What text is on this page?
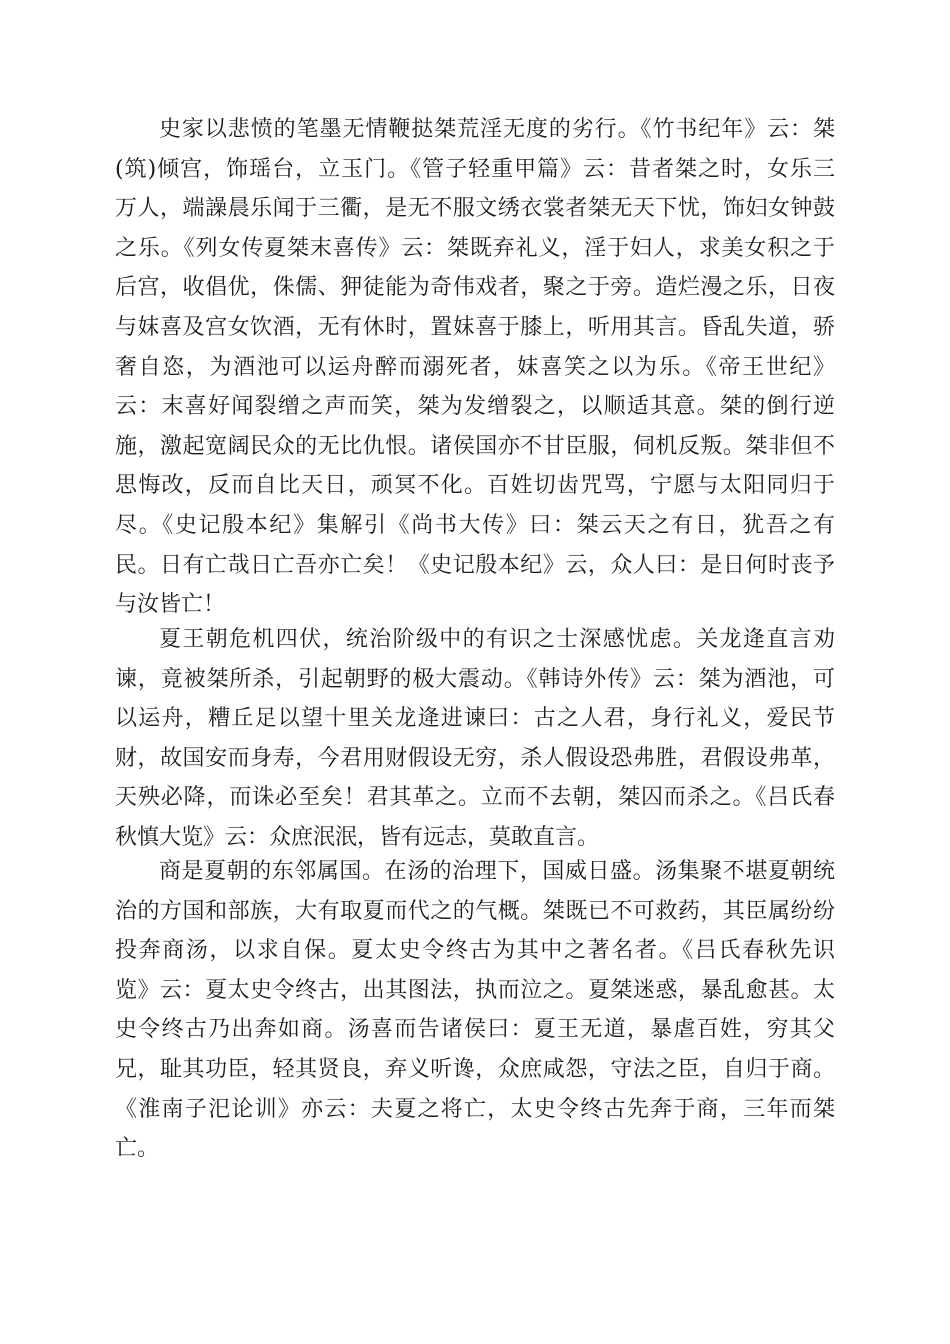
史家以悲愤的笔墨无情鞭挞桀荒淫无度的劣行。《竹书纪年》云：桀
(筑)倾宫，饰瑶台，立玉门。《管子轻重甲篇》云：昔者桀之时，女乐三
万人，端譟晨乐闻于三衢，是无不服文绣衣裳者桀无天下忧，饰妇女钟鼓
之乐。《列女传夏桀末喜传》云：桀既弃礼义，淫于妇人，求美女积之于
后宫，收倡优，侏儒、狎徒能为奇伟戏者，聚之于旁。造烂漫之乐，日夜
与妺喜及宫女饮酒，无有休时，置妺喜于膝上，听用其言。昏乱失道，骄
奢自恣，为酒池可以运舟醉而溺死者，妺喜笑之以为乐。《帝王世纪》
云：末喜好闻裂缯之声而笑，桀为发缯裂之，以顺适其意。桀的倒行逆
施，激起宽阔民众的无比仇恨。诸侯国亦不甘臣服，伺机反叛。桀非但不
思悔改，反而自比天日，顽冥不化。百姓切齿咒骂，宁愿与太阳同归于
尽。《史记殷本纪》集解引《尚书大传》曰：桀云天之有日，犹吾之有
民。日有亡哉日亡吾亦亡矣！《史记殷本纪》云，众人曰：是日何时丧予
与汝皆亡！
夏王朝危机四伏，统治阶级中的有识之士深感忧虑。关龙逄直言劝
谏，竟被桀所杀，引起朝野的极大震动。《韩诗外传》云：桀为酒池，可
以运舟，糟丘足以望十里关龙逄进谏曰：古之人君，身行礼义，爱民节
财，故国安而身寿，今君用财假设无穷，杀人假设恐弗胜，君假设弗革，
天殃必降，而诛必至矣！君其革之。立而不去朝，桀囚而杀之。《吕氏春
秋慎大览》云：众庶泯泯，皆有远志，莫敢直言。
商是夏朝的东邻属国。在汤的治理下，国威日盛。汤集聚不堪夏朝统
治的方国和部族，大有取夏而代之的气概。桀既已不可救药，其臣属纷纷
投奔商汤，以求自保。夏太史令终古为其中之著名者。《吕氏春秋先识
览》云：夏太史令终古，出其图法，执而泣之。夏桀迷惑，暴乱愈甚。太
史令终古乃出奔如商。汤喜而告诸侯曰：夏王无道，暴虐百姓，穷其父
兄，耻其功臣，轻其贤良，弃义听谗，众庶咸怨，守法之臣，自归于商。
《淮南子汜论训》亦云：夫夏之将亡，太史令终古先奔于商，三年而桀
亡。
